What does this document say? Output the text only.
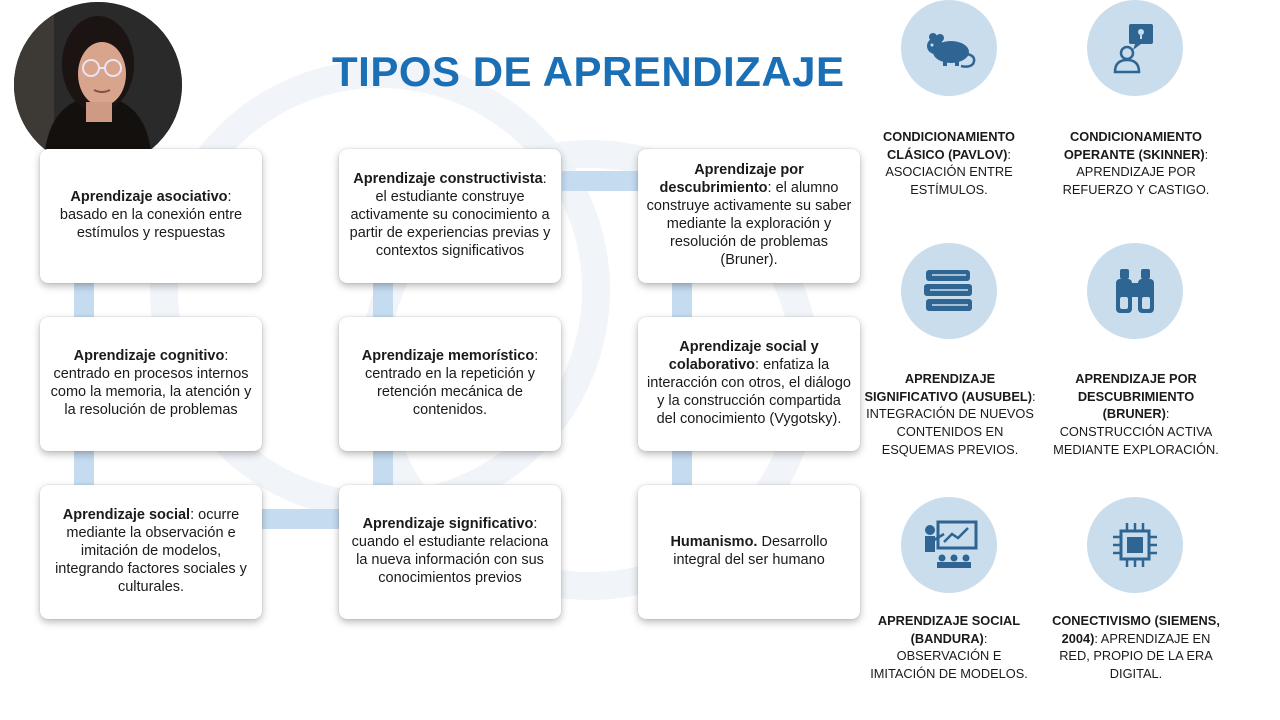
TIPOS DE APRENDIZAJE
Aprendizaje asociativo: basado en la conexión entre estímulos y respuestas
Aprendizaje cognitivo: centrado en procesos internos como la memoria, la atención y la resolución de problemas
Aprendizaje social: ocurre mediante la observación e imitación de modelos, integrando factores sociales y culturales.
Aprendizaje constructivista: el estudiante construye activamente su conocimiento a partir de experiencias previas y contextos significativos
Aprendizaje memorístico: centrado en la repetición y retención mecánica de contenidos.
Aprendizaje significativo: cuando el estudiante relaciona la nueva información con sus conocimientos previos
Aprendizaje por descubrimiento: el alumno construye activamente su saber mediante la exploración y resolución de problemas (Bruner).
Aprendizaje social y colaborativo: enfatiza la interacción con otros, el diálogo y la construcción compartida del conocimiento (Vygotsky).
Humanismo. Desarrollo integral del ser humano
CONDICIONAMIENTO CLÁSICO (PAVLOV): ASOCIACIÓN ENTRE ESTÍMULOS.
CONDICIONAMIENTO OPERANTE (SKINNER): APRENDIZAJE POR REFUERZO Y CASTIGO.
APRENDIZAJE SIGNIFICATIVO (AUSUBEL): INTEGRACIÓN DE NUEVOS CONTENIDOS EN ESQUEMAS PREVIOS.
APRENDIZAJE POR DESCUBRIMIENTO (BRUNER): CONSTRUCCIÓN ACTIVA MEDIANTE EXPLORACIÓN.
APRENDIZAJE SOCIAL (BANDURA): OBSERVACIÓN E IMITACIÓN DE MODELOS.
CONECTIVISMO (SIEMENS, 2004): APRENDIZAJE EN RED, PROPIO DE LA ERA DIGITAL.
